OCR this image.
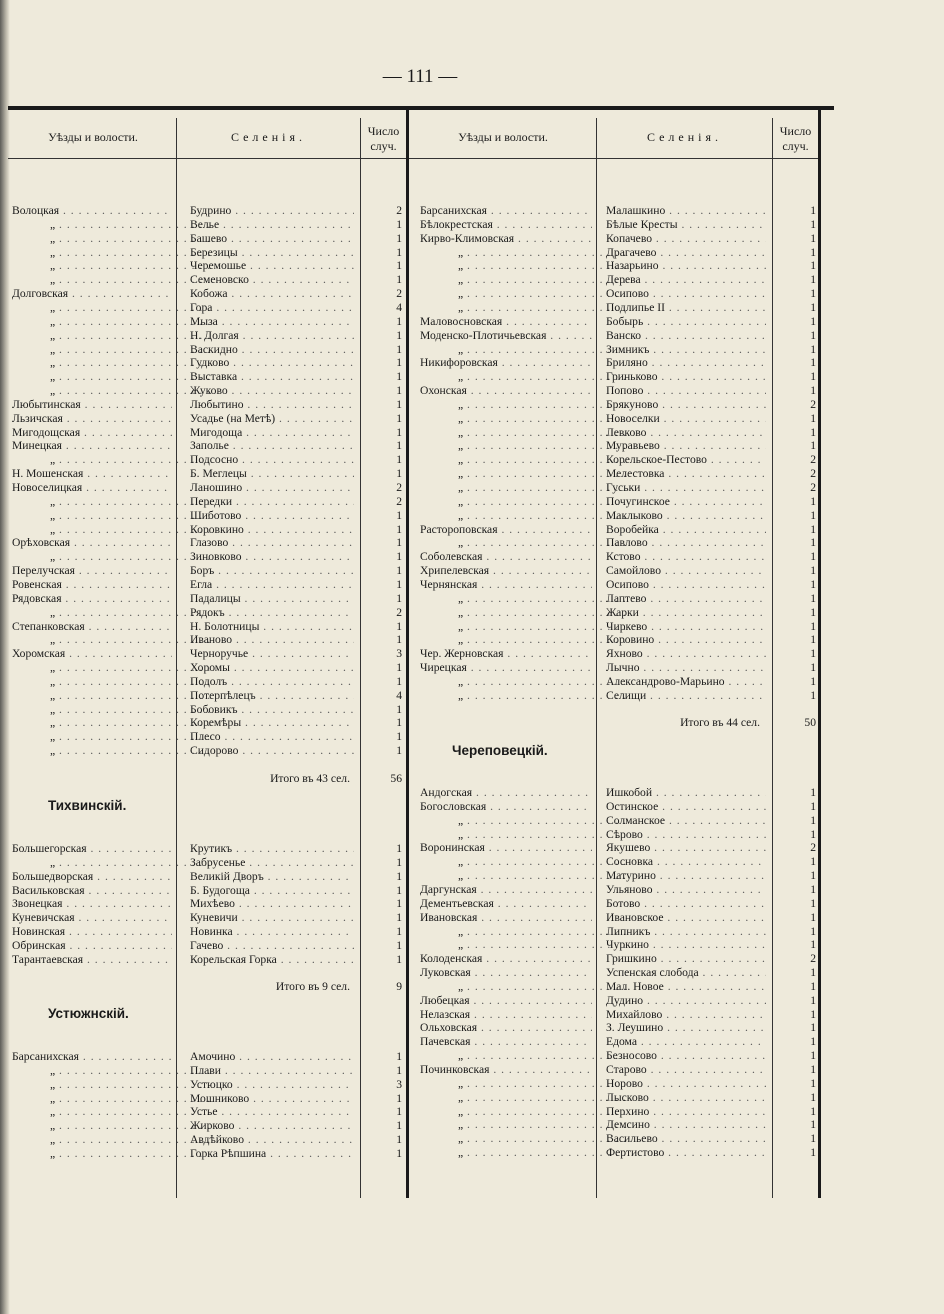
— 111 —
Уѣзды и волости.	Селенія.	Число
случ.
Уѣзды и волости.	Селенія.	Число
случ.
Волоцкая . . .	Будрино . . .	2
„ . . .	Велье . . .	1
„ . . .	Башево . . .	1
„ . . .	Березицы . . .	1
„ . . .	Черемошье . . .	1
„ . . .	Семеновско . . .	1
Долговская . . .	Кобожа . . .	2
„ . . .	Гора . . .	4
„ . . .	Мыза . . .	1
„ . . .	Н. Долгая . . .	1
„ . . .	Васкидно . . .	1
„ . . .	Гудково . . .	1
„ . . .	Выставка . . .	1
„ . . .	Жуково . . .	1
Любытинская . . .	Любытино . . .	1
Льзичская . . .	Усадье (на Метѣ) . . .	1
Мигодощская . . .	Мигодоща . . .	1
Минецкая . . .	Заполье . . .	1
„ . . .	Подсосно . . .	1
Н. Мошенская . . .	Б. Меглецы . . .	1
Новоселицкая . . .	Ланошино . . .	2
„ . . .	Передки . . .	2
„ . . .	Шиботово . . .	1
„ . . .	Коровкино . . .	1
Орѣховская . . .	Глазово . . .	1
„ . . .	Зиновково . . .	1
Перелучская . . .	Боръ . . .	1
Ровенская . . .	Егла . . .	1
Рядовская . . .	Падалицы . . .	1
„ . . .	Рядокъ . . .	2
Степанковская . . .	Н. Болотницы . . .	1
„ . . .	Иваново . . .	1
Хоромская . . .	Черноручье . . .	3
„ . . .	Хоромы . . .	1
„ . . .	Подолъ . . .	1
„ . . .	Потерпѣлецъ . . .	4
„ . . .	Бобовикъ . . .	1
„ . . .	Коремѣры . . .	1
„ . . .	Плесо . . .	1
„ . . .	Сидорово . . .	1
Большегорская . . .	Крутикъ . . .	1
„ . . .	Забрусенье . . .	1
Большедворская . . .	Великій Дворъ . . .	1
Васильковская . . .	Б. Будогоща . . .	1
Звонецкая . . .	Михѣево . . .	1
Куневичская . . .	Куневичи . . .	1
Новинская . . .	Новинка . . .	1
Обринская . . .	Гачево . . .	1
Тарантаевская . . .	Корельская Горка . . .	1
Барсанихская . . .	Амочино . . .	1
„ . . .	Плави . . .	1
„ . . .	Устюцко . . .	3
„ . . .	Мошниково . . .	1
„ . . .	Устье . . .	1
„ . . .	Жирково . . .	1
„ . . .	Авдѣйково . . .	1
„ . . .	Горка Рѣпшина . . .	1
Барсанихская . . .	Малашкино . . .	1
Бѣлокрестская . . .	Бѣлые Кресты . . .	1
Кирво-Климовская . . .	Копачево . . .	1
„ . . .	Драгачево . . .	1
„ . . .	Назарьино . . .	1
„ . . .	Дерева . . .	1
„ . . .	Осипово . . .	1
„ . . .	Подлипье II . . .	1
Маловосновская . . .	Бобырь . . .	1
Моденско-Плотичьевская . . .	Ванско . . .	1
„ . . .	Зимникъ . . .	1
Никифоровская . . .	Бриляно . . .	1
„ . . .	Гриньково . . .	1
Охонская . . .	Попово . . .	1
„ . . .	Брякуново . . .	2
„ . . .	Новоселки . . .	1
„ . . .	Левково . . .	1
„ . . .	Муравьево . . .	1
„ . . .	Корельское-Пестово . . .	2
„ . . .	Мелестовка . . .	2
„ . . .	Гуськи . . .	2
„ . . .	Почугинское . . .	1
„ . . .	Маклыково . . .	1
Растороповская . . .	Воробейка . . .	1
„ . . .	Павлово . . .	1
Соболевская . . .	Кстово . . .	1
Хрипелевская . . .	Самойлово . . .	1
Чернянская . . .	Осипово . . .	1
„ . . .	Лаптево . . .	1
„ . . .	Жарки . . .	1
„ . . .	Чиркево . . .	1
„ . . .	Коровино . . .	1
Чер. Жерновская . . .	Яхново . . .	1
Чирецкая . . .	Лычно . . .	1
„ . . .	Александрово-Марьино . . .	1
„ . . .	Селищи . . .	1
Андогская . . .	Ишкобой . . .	1
Богословская . . .	Остинское . . .	1
„ . . .	Солманское . . .	1
„ . . .	Сѣрово . . .	1
Воронинская . . .	Якушево . . .	2
„ . . .	Сосновка . . .	1
„ . . .	Матурино . . .	1
Даргунская . . .	Ульяново . . .	1
Дементьевская . . .	Ботово . . .	1
Ивановская . . .	Ивановское . . .	1
„ . . .	Липникъ . . .	1
„ . . .	Чуркино . . .	1
Колоденская . . .	Гришкино . . .	2
Луковская . . .	Успенская слобода . . .	1
„ . . .	Мал. Новое . . .	1
Любецкая . . .	Дудино . . .	1
Нелазская . . .	Михайлово . . .	1
Ольховская . . .	З. Леушино . . .	1
Пачевская . . .	Едома . . .	1
„ . . .	Безносово . . .	1
Починковская . . .	Старово . . .	1
„ . . .	Норово . . .	1
„ . . .	Лысково . . .	1
„ . . .	Перхино . . .	1
„ . . .	Демсино . . .	1
„ . . .	Васильево . . .	1
„ . . .	Фертистово . . .	1
Тихвинскій.
Устюжнскій.
Череповецкій.
Итого въ 43 сел.	56
Итого въ 9 сел.	9
Итого въ 44 сел.	50
